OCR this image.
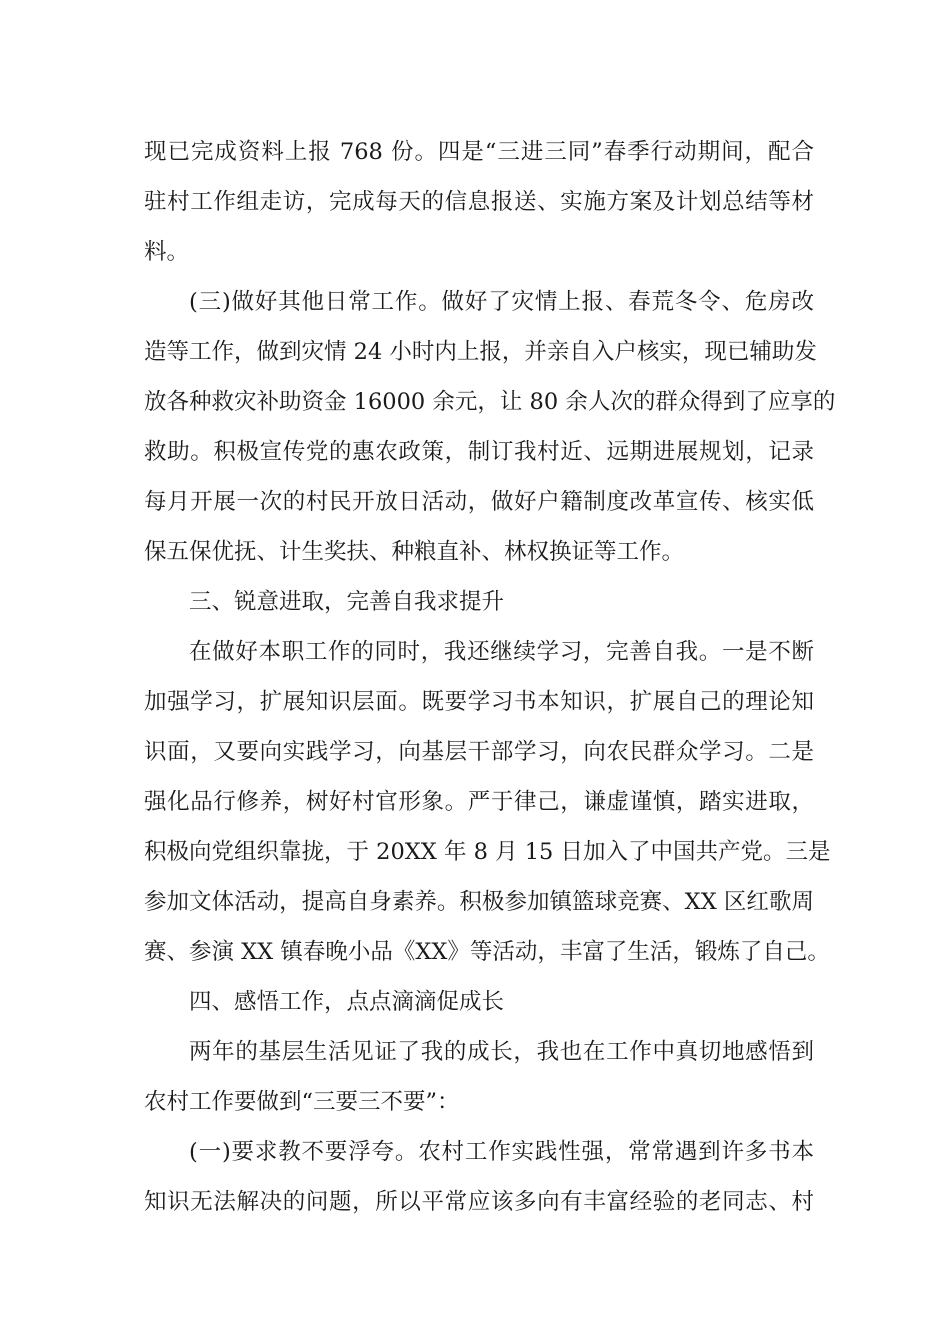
现已完成资料上报 768 份。四是“三进三同”春季行动期间，配合
驻村工作组走访，完成每天的信息报送、实施方案及计划总结等材
料。
(三)做好其他日常工作。做好了灾情上报、春荒冬令、危房改
造等工作，做到灾情 24 小时内上报，并亲自入户核实，现已辅助发
放各种救灾补助资金 16000 余元，让 80 余人次的群众得到了应享的
救助。积极宣传党的惠农政策，制订我村近、远期进展规划，记录
每月开展一次的村民开放日活动，做好户籍制度改革宣传、核实低
保五保优抚、计生奖扶、种粮直补、林权换证等工作。
三、锐意进取，完善自我求提升
在做好本职工作的同时，我还继续学习，完善自我。一是不断
加强学习，扩展知识层面。既要学习书本知识，扩展自己的理论知
识面，又要向实践学习，向基层干部学习，向农民群众学习。二是
强化品行修养，树好村官形象。严于律己，谦虚谨慎，踏实进取，
积极向党组织靠拢，于 20XX 年 8 月 15 日加入了中国共产党。三是
参加文体活动，提高自身素养。积极参加镇篮球竞赛、XX 区红歌周
赛、参演 XX 镇春晚小品《XX》等活动，丰富了生活，锻炼了自己。
四、感悟工作，点点滴滴促成长
两年的基层生活见证了我的成长，我也在工作中真切地感悟到
农村工作要做到“三要三不要”：
(一)要求教不要浮夸。农村工作实践性强，常常遇到许多书本
知识无法解决的问题，所以平常应该多向有丰富经验的老同志、村
